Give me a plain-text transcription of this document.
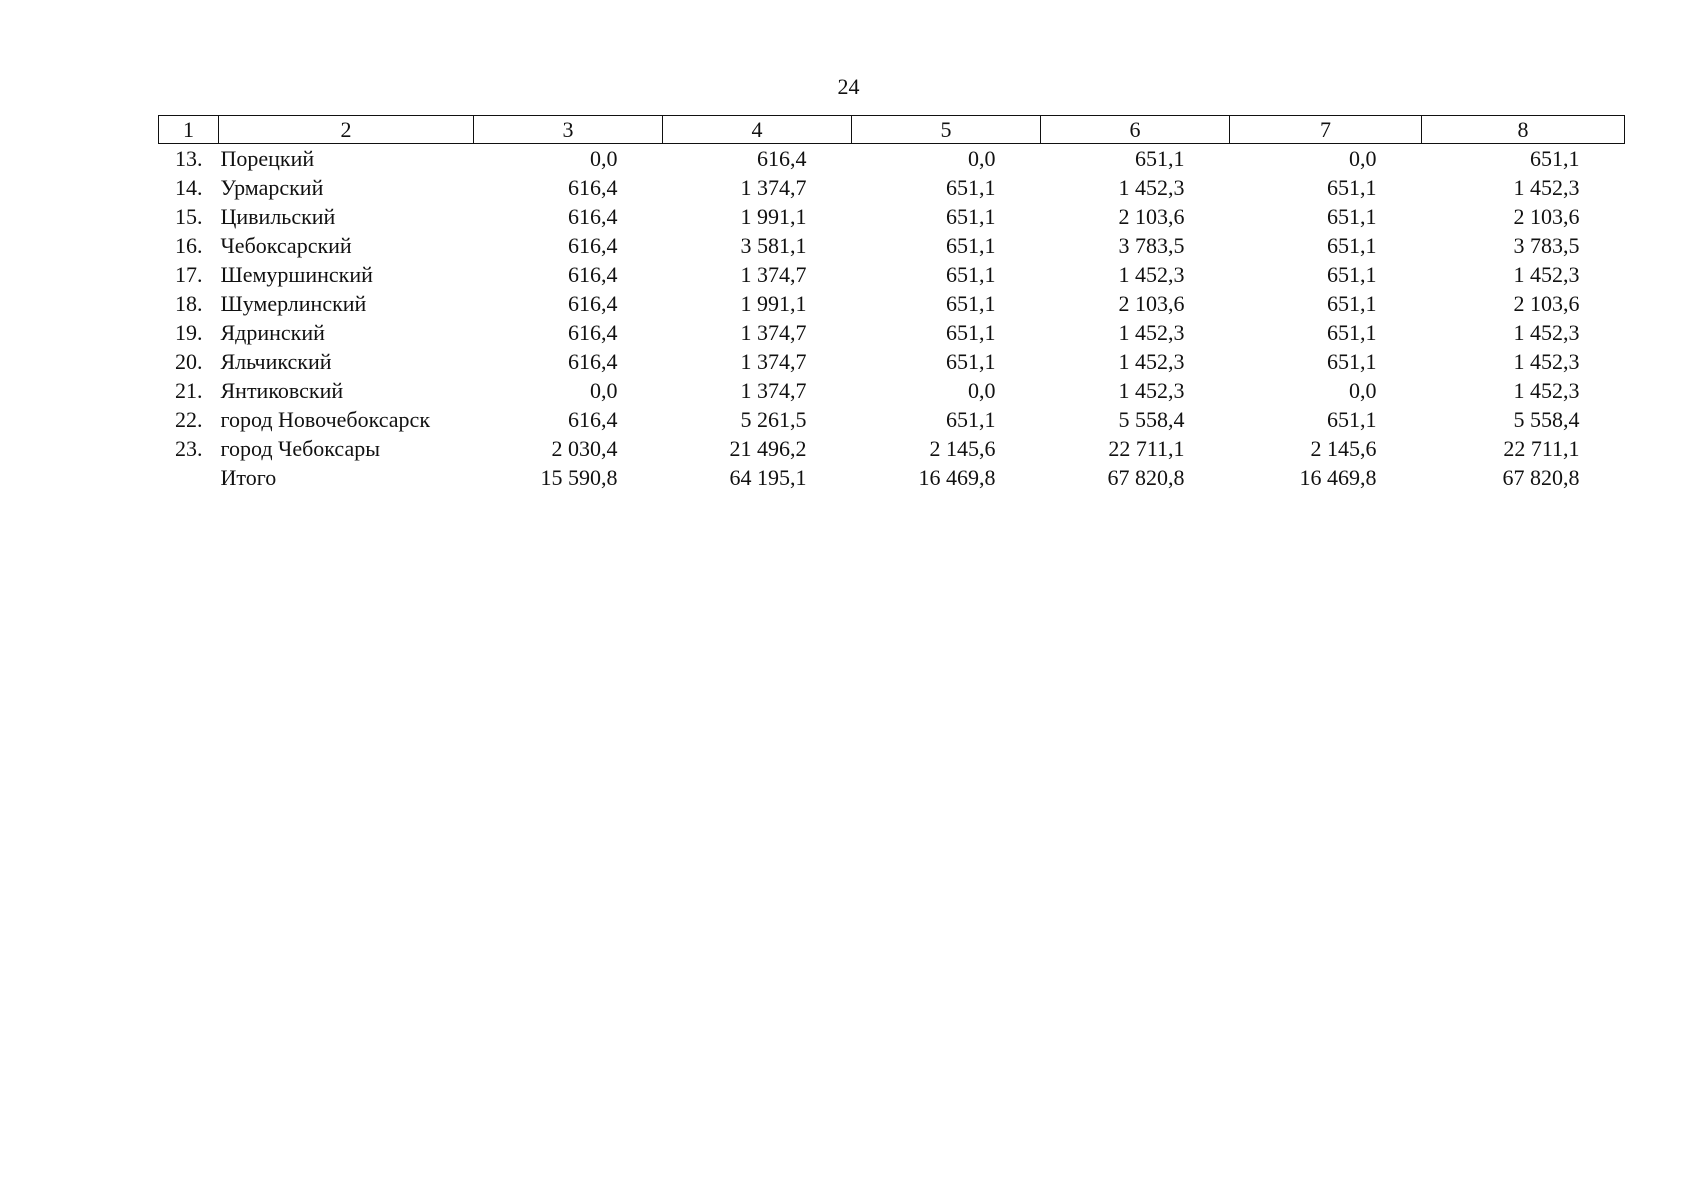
24
1	2	3	4	5	6	7	8
13.	Порецкий	0,0	616,4	0,0	651,1	0,0	651,1
14.	Урмарский	616,4	1 374,7	651,1	1 452,3	651,1	1 452,3
15.	Цивильский	616,4	1 991,1	651,1	2 103,6	651,1	2 103,6
16.	Чебоксарский	616,4	3 581,1	651,1	3 783,5	651,1	3 783,5
17.	Шемуршинский	616,4	1 374,7	651,1	1 452,3	651,1	1 452,3
18.	Шумерлинский	616,4	1 991,1	651,1	2 103,6	651,1	2 103,6
19.	Ядринский	616,4	1 374,7	651,1	1 452,3	651,1	1 452,3
20.	Яльчикский	616,4	1 374,7	651,1	1 452,3	651,1	1 452,3
21.	Янтиковский	0,0	1 374,7	0,0	1 452,3	0,0	1 452,3
22.	город Новочебоксарск	616,4	5 261,5	651,1	5 558,4	651,1	5 558,4
23.	город Чебоксары	2 030,4	21 496,2	2 145,6	22 711,1	2 145,6	22 711,1
	Итого	15 590,8	64 195,1	16 469,8	67 820,8	16 469,8	67 820,8
